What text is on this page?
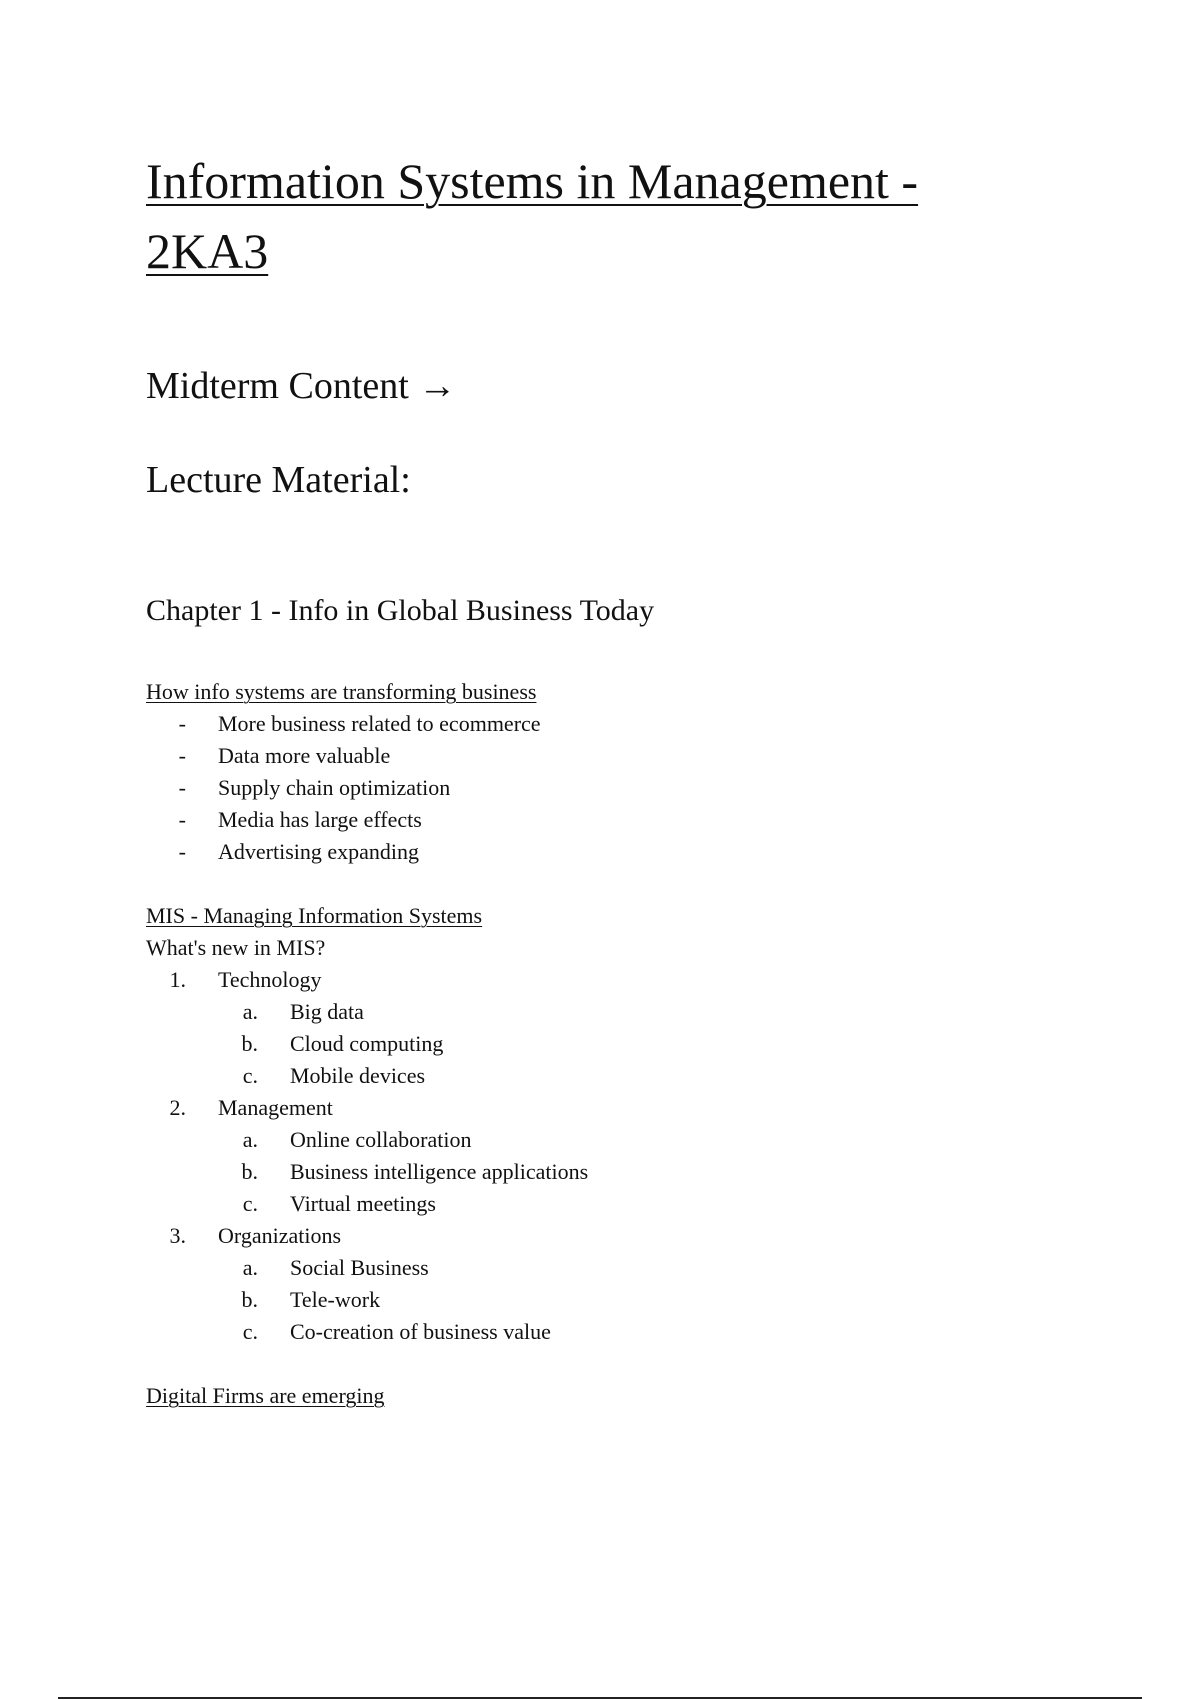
Information Systems in Management - 2KA3
Midterm Content →
Lecture Material:
Chapter 1 - Info in Global Business Today
How info systems are transforming business
-	More business related to ecommerce
-	Data more valuable
-	Supply chain optimization
-	Media has large effects
-	Advertising expanding
MIS - Managing Information Systems
What's new in MIS?
1.	Technology
a.	Big data
b.	Cloud computing
c.	Mobile devices
2.	Management
a.	Online collaboration
b.	Business intelligence applications
c.	Virtual meetings
3.	Organizations
a.	Social Business
b.	Tele-work
c.	Co-creation of business value
Digital Firms are emerging
